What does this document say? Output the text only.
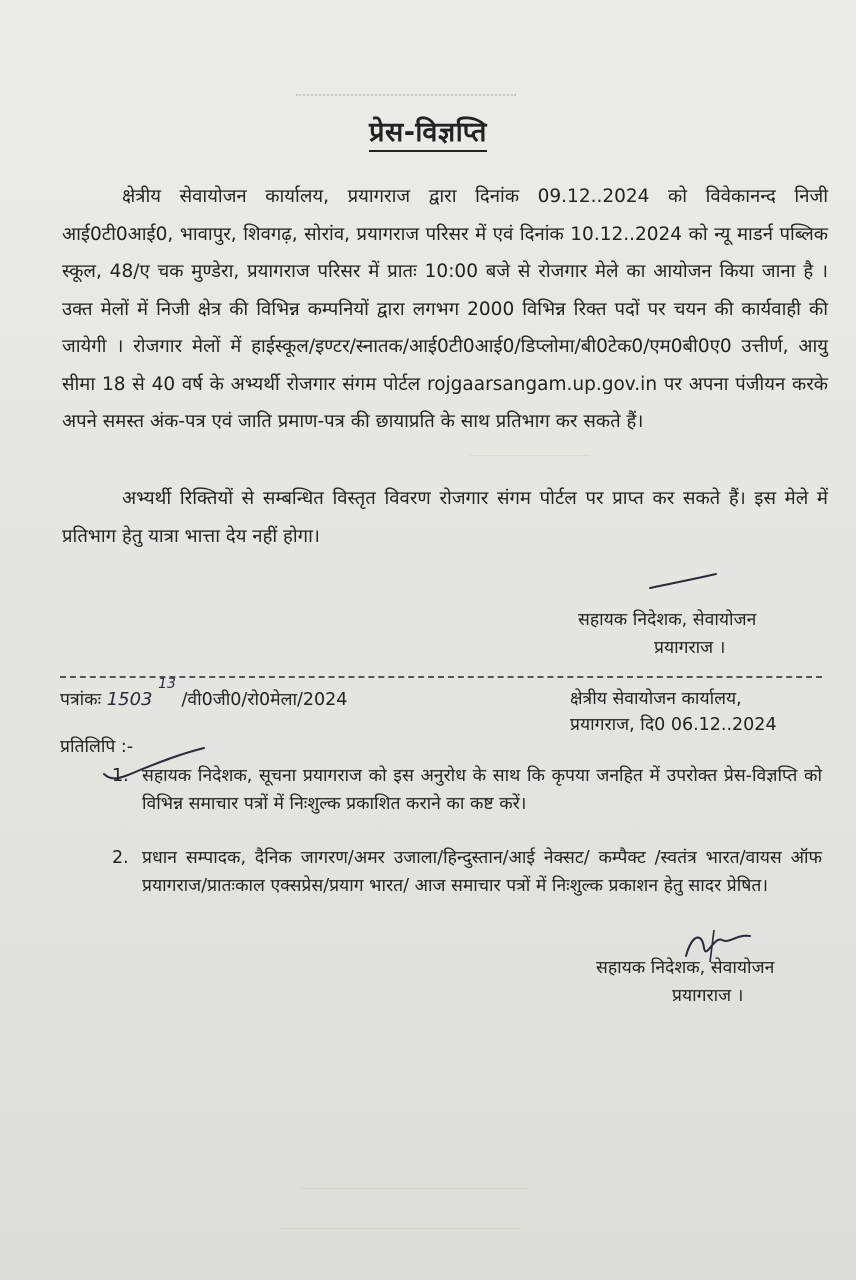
प्रेस-विज्ञप्ति

क्षेत्रीय सेवायोजन कार्यालय, प्रयागराज द्वारा दिनांक 09.12..2024 को विवेकानन्द निजी आई0टी0आई0, भावापुर, शिवगढ़, सोरांव, प्रयागराज परिसर में एवं दिनांक 10.12..2024 को न्यू माडर्न पब्लिक स्कूल, 48/ए चक मुण्डेरा, प्रयागराज परिसर में प्रातः 10:00 बजे से रोजगार मेले का आयोजन किया जाना है । उक्त मेलों में निजी क्षेत्र की विभिन्न कम्पनियों द्वारा लगभग 2000 विभिन्न रिक्त पदों पर चयन की कार्यवाही की जायेगी । रोजगार मेलों में हाईस्कूल/इण्टर/स्नातक/आई0टी0आई0/डिप्लोमा/बी0टेक0/एम0बी0ए0 उत्तीर्ण, आयु सीमा 18 से 40 वर्ष के अभ्यर्थी रोजगार संगम पोर्टल rojgaarsangam.up.gov.in पर अपना पंजीयन करके अपने समस्त अंक-पत्र एवं जाति प्रमाण-पत्र की छायाप्रति के साथ प्रतिभाग कर सकते हैं।

अभ्यर्थी रिक्तियों से सम्बन्धित विस्तृत विवरण रोजगार संगम पोर्टल पर प्राप्त कर सकते हैं। इस मेले में प्रतिभाग हेतु यात्रा भात्ता देय नहीं होगा।

सहायक निदेशक, सेवायोजन
प्रयागराज ।
पत्रांकः 1503 $^{13}$ /वी0जी0/रो0मेला/2024	क्षेत्रीय सेवायोजन कार्यालय,
प्रयागराज, दि0 06.12..2024
प्रतिलिपि :-
1. सहायक निदेशक, सूचना प्रयागराज को इस अनुरोध के साथ कि कृपया जनहित में उपरोक्त प्रेस-विज्ञप्ति को विभिन्न समाचार पत्रों में निःशुल्क प्रकाशित कराने का कष्ट करें।
2. प्रधान सम्पादक, दैनिक जागरण/अमर उजाला/हिन्दुस्तान/आई नेक्सट/ कम्पैक्ट /स्वतंत्र भारत/वायस ऑफ प्रयागराज/प्रातःकाल एक्सप्रेस/प्रयाग भारत/ आज समाचार पत्रों में निःशुल्क प्रकाशन हेतु सादर प्रेषित।
सहायक निदेशक, सेवायोजन
प्रयागराज ।
